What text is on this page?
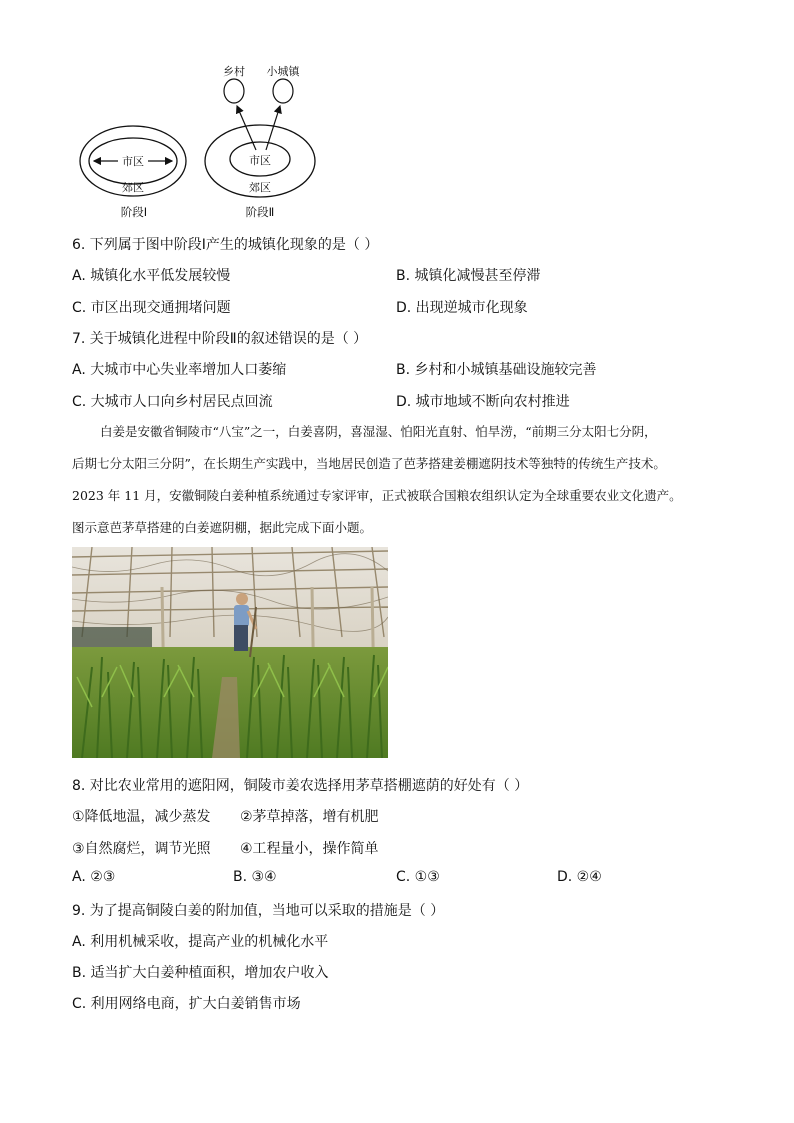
市区
郊区
阶段Ⅰ
市区
郊区
阶段Ⅱ
乡村 小城镇
6. 下列属于图中阶段Ⅰ产生的城镇化现象的是（ ）
A. 城镇化水平低发展较慢	B. 城镇化减慢甚至停滞
C. 市区出现交通拥堵问题	D. 出现逆城市化现象
7. 关于城镇化进程中阶段Ⅱ的叙述错误的是（ ）
A. 大城市中心失业率增加人口萎缩	B. 乡村和小城镇基础设施较完善
C. 大城市人口向乡村居民点回流	D. 城市地域不断向农村推进

白姜是安徽省铜陵市“八宝”之一，白姜喜阴，喜湿湿、怕阳光直射、怕旱涝，“前期三分太阳七分阴，

后期七分太阳三分阴”，在长期生产实践中，当地居民创造了芭茅搭建姜棚遮阴技术等独特的传统生产技术。

2023 年 11 月，安徽铜陵白姜种植系统通过专家评审，正式被联合国粮农组织认定为全球重要农业文化遗产。

图示意芭茅草搭建的白姜遮阴棚，据此完成下面小题。

8. 对比农业常用的遮阳网，铜陵市姜农选择用茅草搭棚遮荫的好处有（ ）
①降低地温，减少蒸发 ②茅草掉落，增有机肥
③自然腐烂，调节光照 ④工程量小，操作简单
A. ②③	B. ③④	C. ①③	D. ②④
9. 为了提高铜陵白姜的附加值，当地可以采取的措施是（ ）
A. 利用机械采收，提高产业的机械化水平
B. 适当扩大白姜种植面积，增加农户收入
C. 利用网络电商，扩大白姜销售市场
